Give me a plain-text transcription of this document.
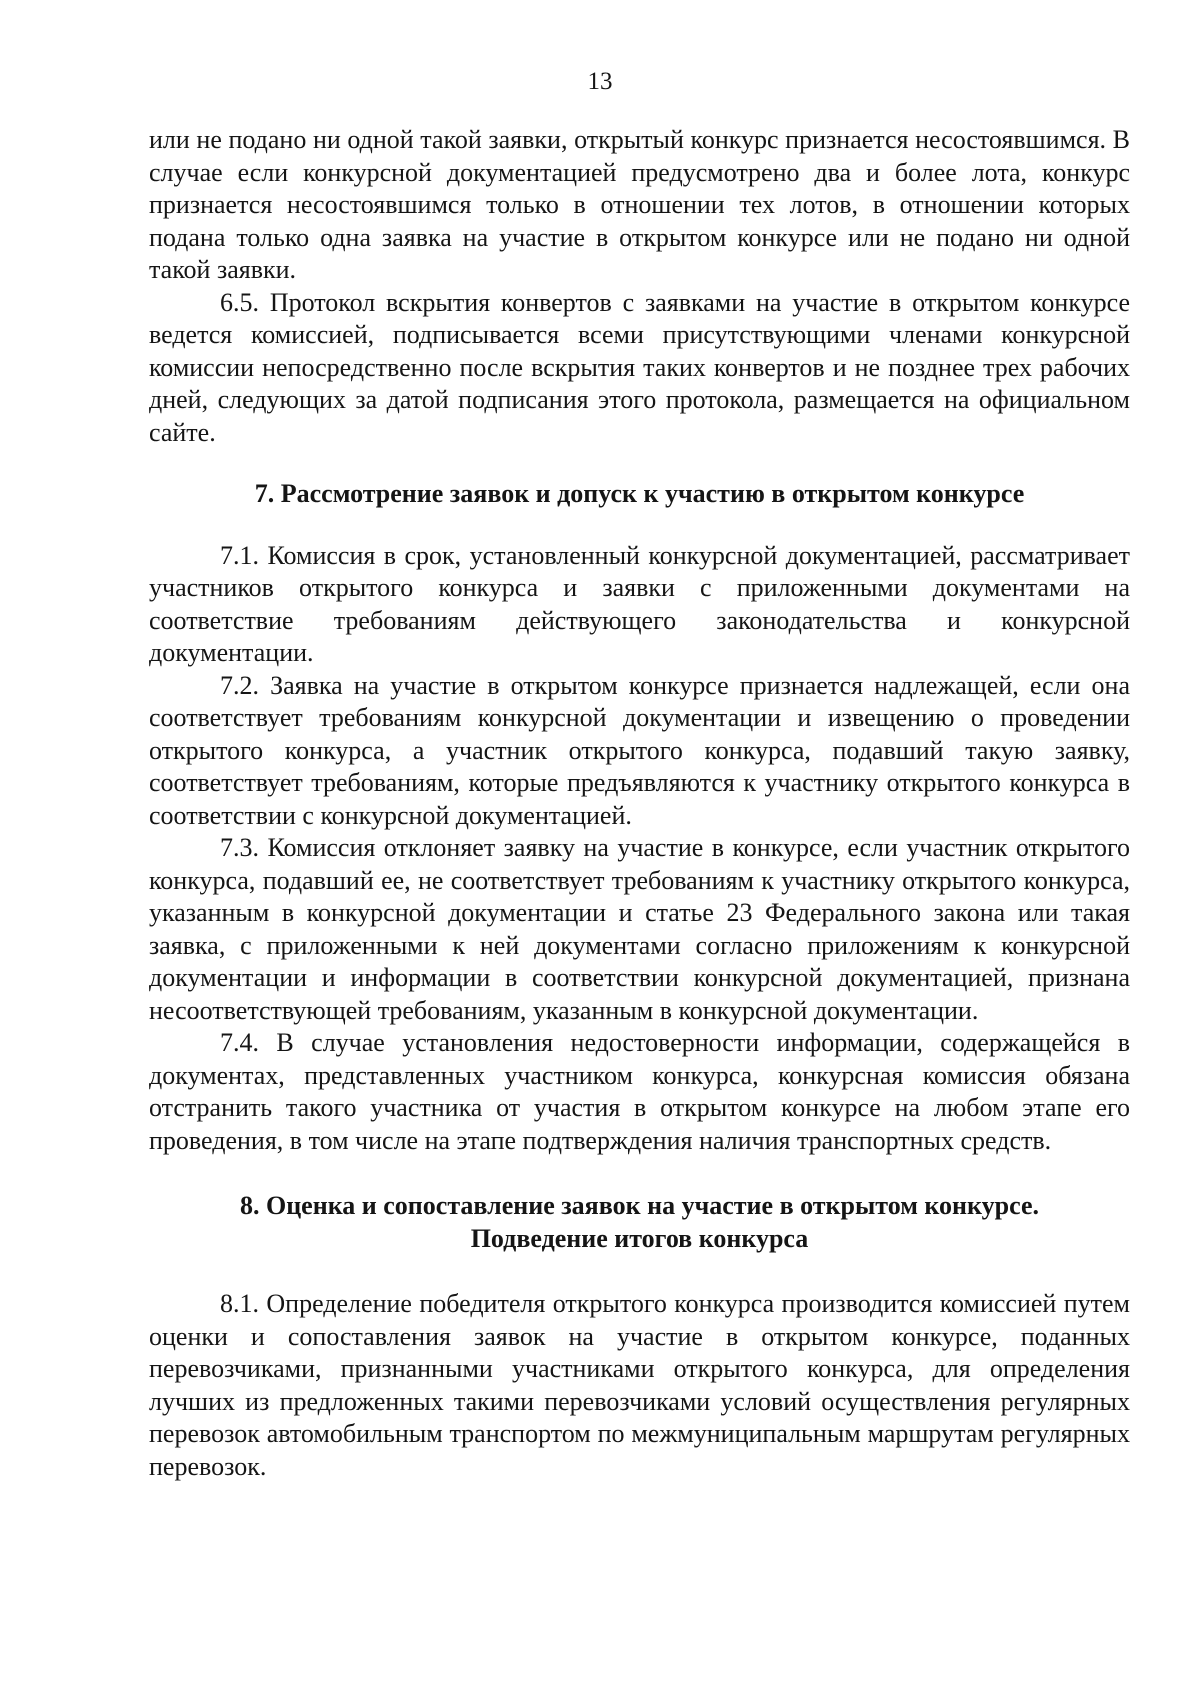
13

или не подано ни одной такой заявки, открытый конкурс признается несостоявшимся. В случае если конкурсной документацией предусмотрено два и более лота, конкурс признается несостоявшимся только в отношении тех лотов, в отношении которых подана только одна заявка на участие в открытом конкурсе или не подано ни одной такой заявки.

6.5. Протокол вскрытия конвертов с заявками на участие в открытом конкурсе ведется комиссией, подписывается всеми присутствующими членами конкурсной комиссии непосредственно после вскрытия таких конвертов и не позднее трех рабочих дней, следующих за датой подписания этого протокола, размещается на официальном сайте.

7. Рассмотрение заявок и допуск к участию в открытом конкурсе

7.1. Комиссия в срок, установленный конкурсной документацией, рассматривает участников открытого конкурса и заявки с приложенными документами на соответствие требованиям действующего законодательства и конкурсной документации.

7.2. Заявка на участие в открытом конкурсе признается надлежащей, если она соответствует требованиям конкурсной документации и извещению о проведении открытого конкурса, а участник открытого конкурса, подавший такую заявку, соответствует требованиям, которые предъявляются к участнику открытого конкурса в соответствии с конкурсной документацией.

7.3. Комиссия отклоняет заявку на участие в конкурсе, если участник открытого конкурса, подавший ее, не соответствует требованиям к участнику открытого конкурса, указанным в конкурсной документации и статье 23 Федерального закона или такая заявка, с приложенными к ней документами согласно приложениям к конкурсной документации и информации в соответствии конкурсной документацией, признана несоответствующей требованиям, указанным в конкурсной документации.

7.4. В случае установления недостоверности информации, содержащейся в документах, представленных участником конкурса, конкурсная комиссия обязана отстранить такого участника от участия в открытом конкурсе на любом этапе его проведения, в том числе на этапе подтверждения наличия транспортных средств.

8. Оценка и сопоставление заявок на участие в открытом конкурсе.
Подведение итогов конкурса

8.1. Определение победителя открытого конкурса производится комиссией путем оценки и сопоставления заявок на участие в открытом конкурсе, поданных перевозчиками, признанными участниками открытого конкурса, для определения лучших из предложенных такими перевозчиками условий осуществления регулярных перевозок автомобильным транспортом по межмуниципальным маршрутам регулярных перевозок.
